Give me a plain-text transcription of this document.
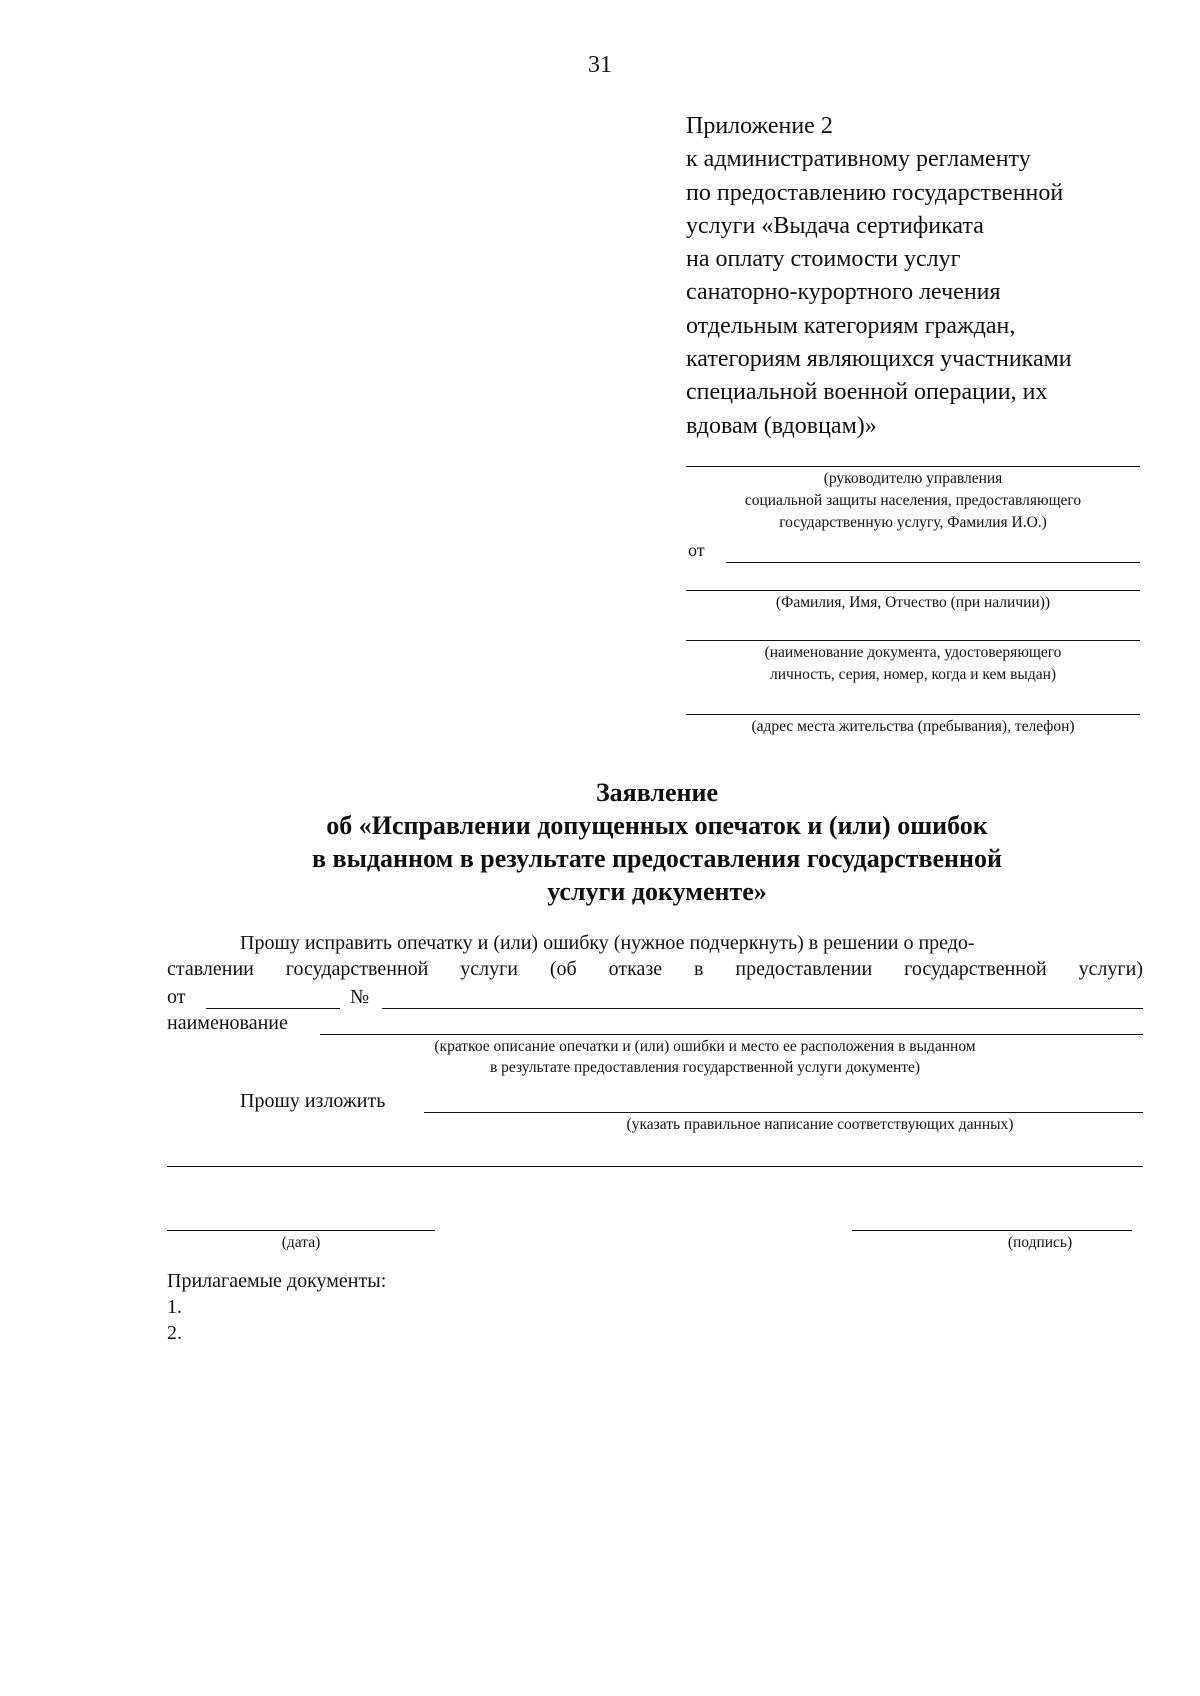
31
Приложение 2
к административному регламенту
по предоставлению государственной
услуги «Выдача сертификата
на оплату стоимости услуг
санаторно-курортного лечения
отдельным категориям граждан,
категориям являющихся участниками
специальной военной операции, их
вдовам (вдовцам)»
(руководителю управления
социальной защиты населения, предоставляющего
государственную услугу, Фамилия И.О.)
от
(Фамилия, Имя, Отчество (при наличии))
(наименование документа, удостоверяющего
личность, серия, номер, когда и кем выдан)
(адрес места жительства (пребывания), телефон)
Заявление
об «Исправлении допущенных опечаток и (или) ошибок
в выданном в результате предоставления государственной
услуги документе»
Прошу исправить опечатку и (или) ошибку (нужное подчеркнуть) в решении о предо-
ставлении государственной услуги (об отказе в предоставлении государственной услуги)
от	№
наименование
(краткое описание опечатки и (или) ошибки и место ее расположения в выданном
в результате предоставления государственной услуги документе)
Прошу изложить
(указать правильное написание соответствующих данных)
(дата)	(подпись)
Прилагаемые документы:
1.
2.
